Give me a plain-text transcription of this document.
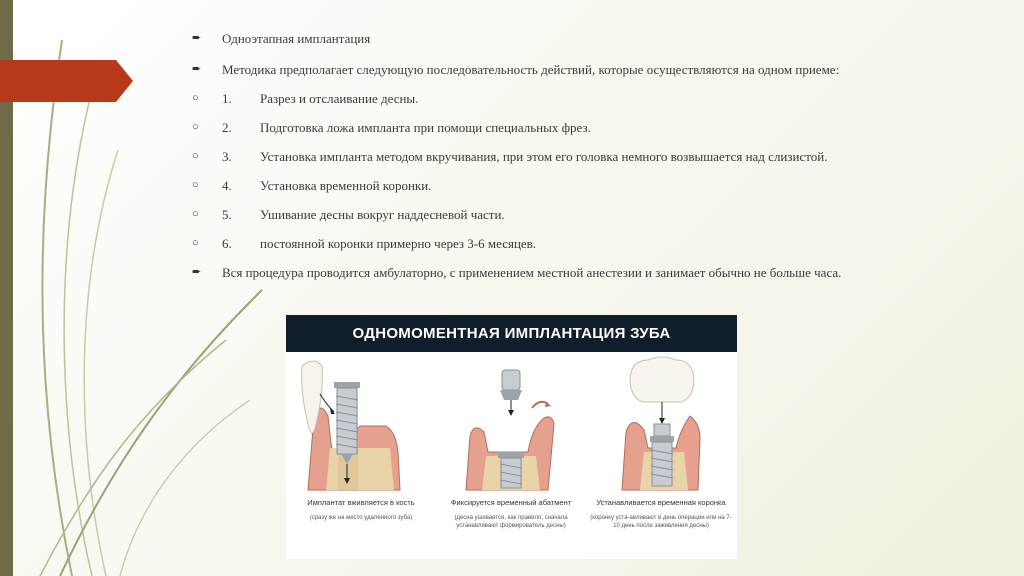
➨	Одноэтапная имплантация
➨	Методика предполагает следующую последовательность действий, которые осуществляются на одном приеме:
○	1. Разрез и отслаивание десны.
○	2. Подготовка ложа импланта при помощи специальных фрез.
○	3. Установка импланта методом вкручивания, при этом его головка немного возвышается над слизистой.
○	4. Установка временной коронки.
○	5. Ушивание десны вокруг наддесневой части.
○	6. постоянной коронки примерно через 3-6 месяцев.
➨	Вся процедура проводится амбулаторно, с применением местной анестезии и занимает обычно не больше часа.
ОДНОМОМЕНТНАЯ ИМПЛАНТАЦИЯ ЗУБА
Имплантат вживляется в кость
(сразу же на место удаленного зуба)
Фиксируется временный абатмент
(десна ушивается, как правило, сначала устанавливают формирователь десны)
Устанавливается временная коронка
(коронку уста-авливают в день операции или на 7-10 день после заживления десны)
